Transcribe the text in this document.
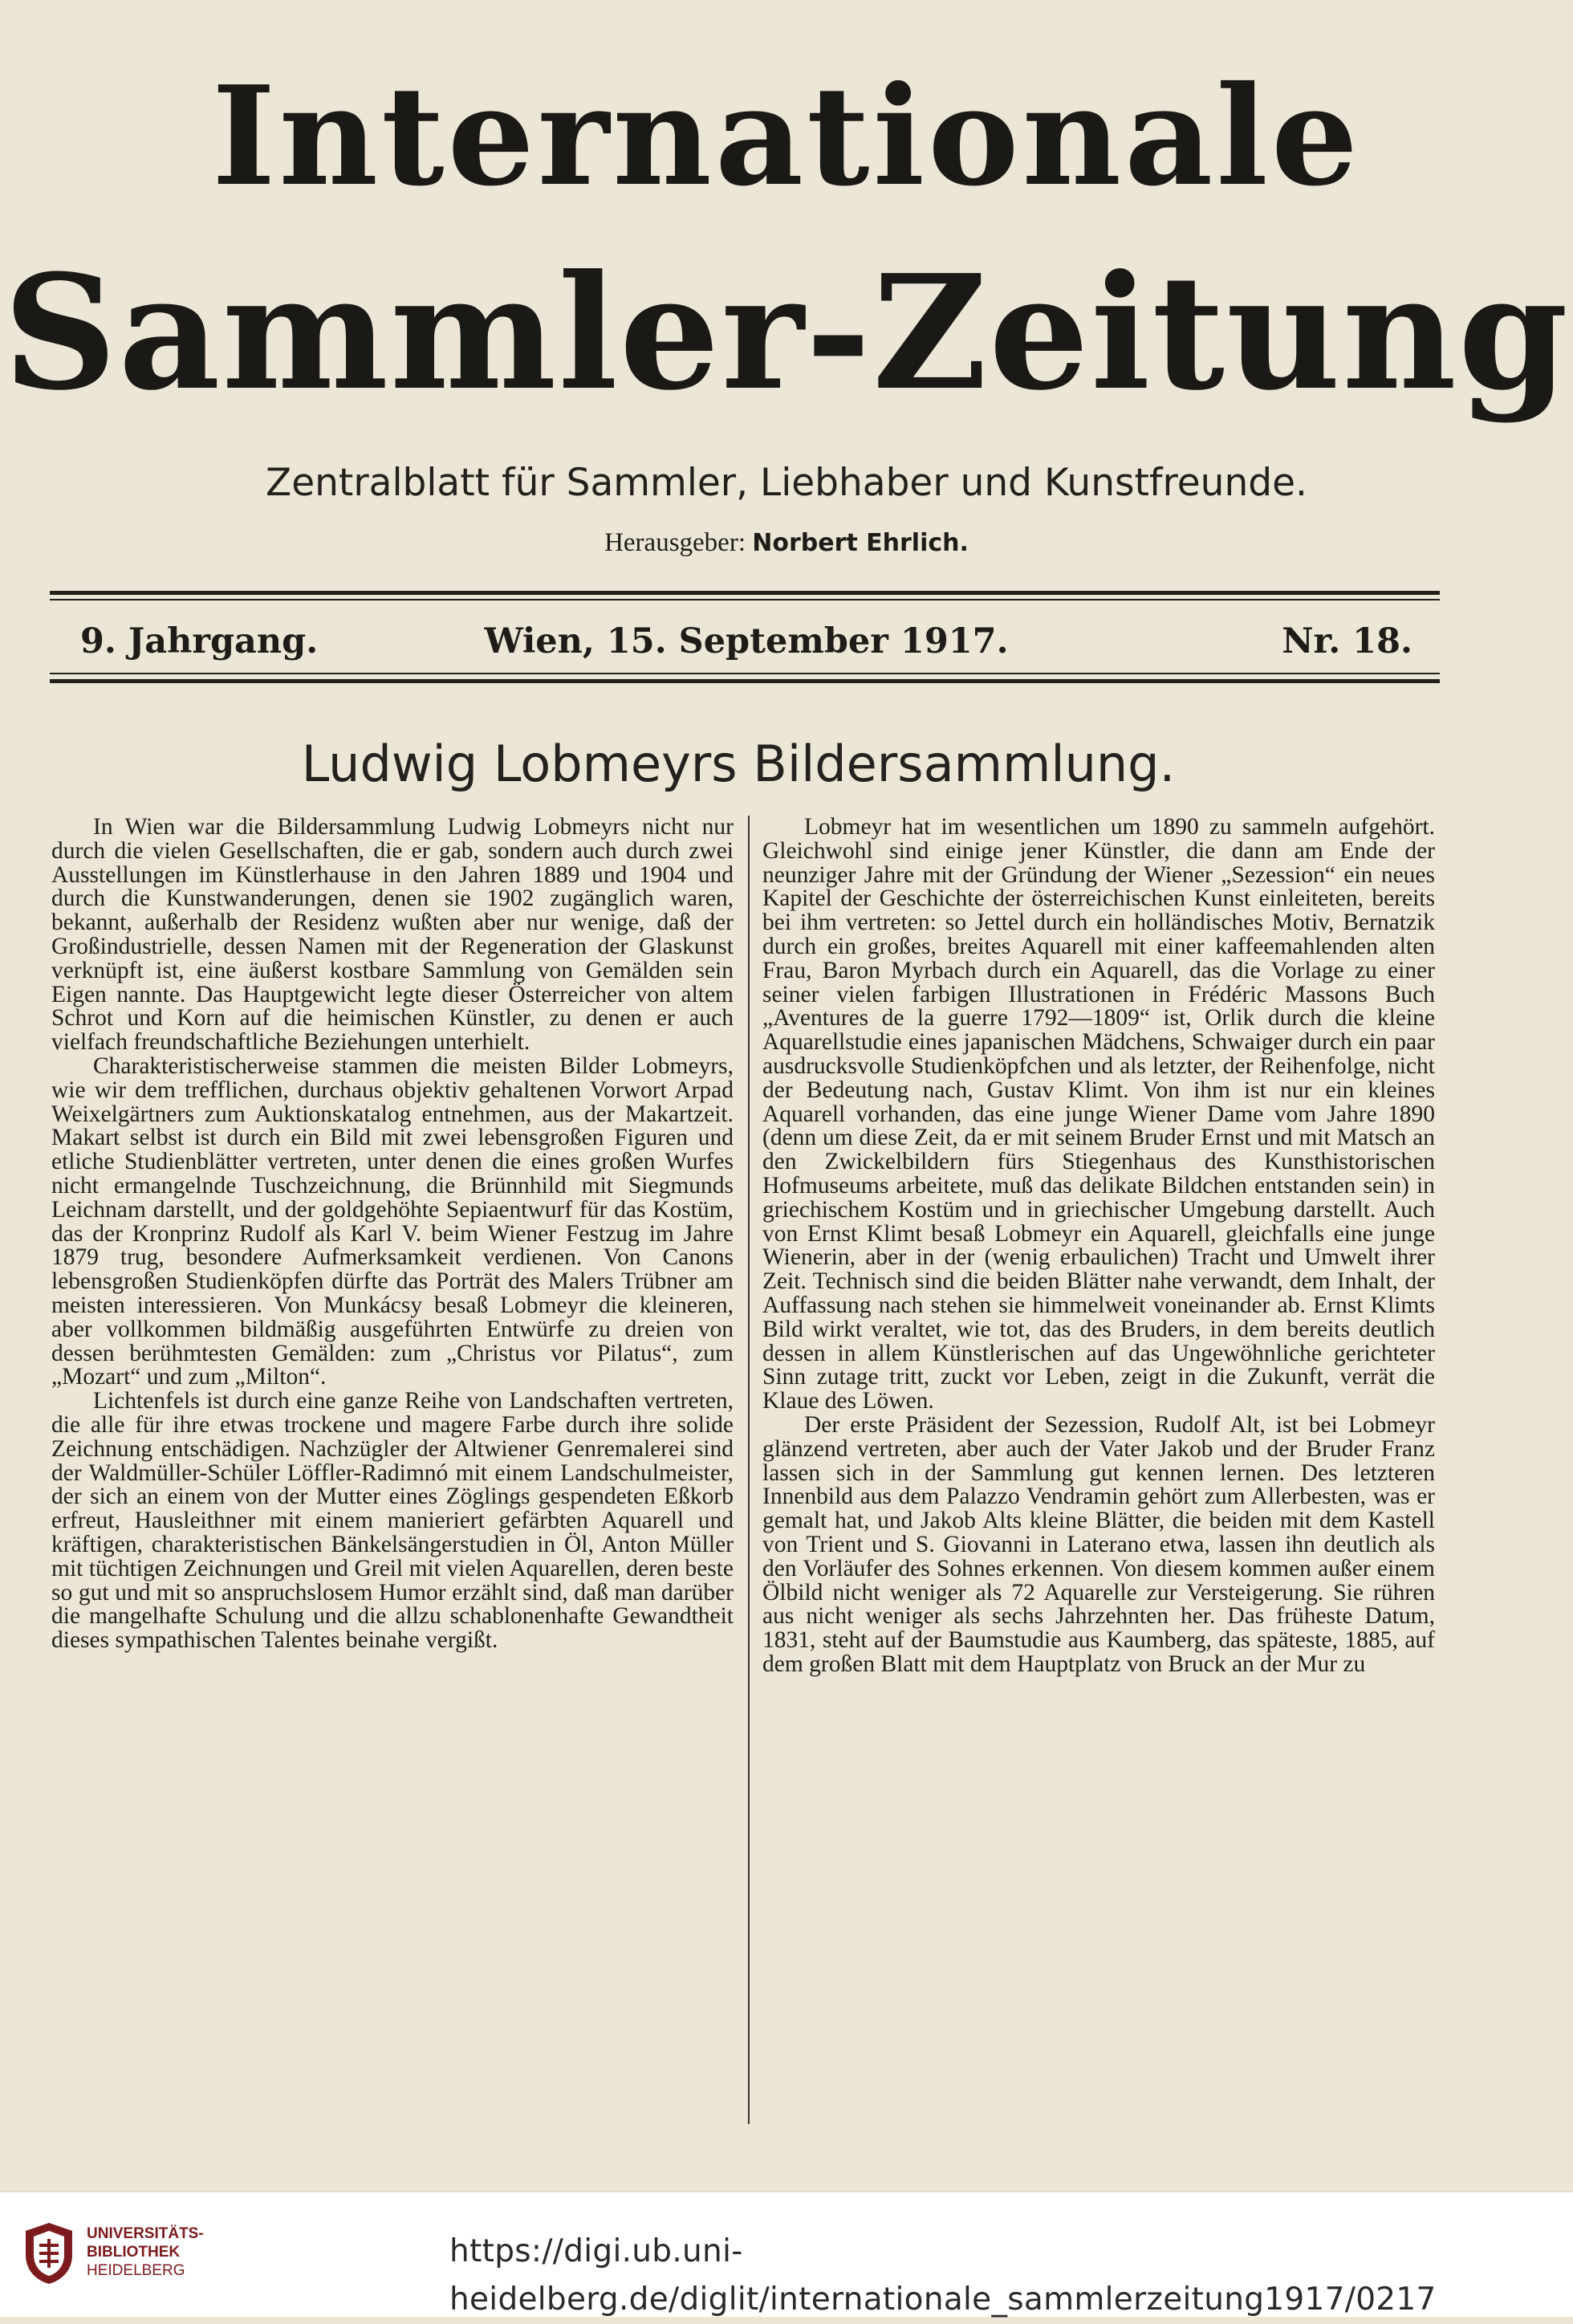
Internationale
Sammler-Zeitung
Zentralblatt für Sammler, Liebhaber und Kunstfreunde.
Herausgeber: Norbert Ehrlich.
9. Jahrgang.	Wien, 15. September 1917.	Nr. 18.
Ludwig Lobmeyrs Bildersammlung.

In Wien war die Bildersammlung Ludwig Lobmeyrs nicht nur durch die vielen Gesellschaften, die er gab, sondern auch durch zwei Ausstellungen im Künstlerhause in den Jahren 1889 und 1904 und durch die Kunstwanderungen, denen sie 1902 zugänglich waren, bekannt, außerhalb der Residenz wußten aber nur wenige, daß der Großindustrielle, dessen Namen mit der Regeneration der Glaskunst verknüpft ist, eine äußerst kostbare Sammlung von Gemälden sein Eigen nannte. Das Hauptgewicht legte dieser Österreicher von altem Schrot und Korn auf die heimischen Künstler, zu denen er auch vielfach freundschaftliche Beziehungen unterhielt.

Charakteristischerweise stammen die meisten Bilder Lobmeyrs, wie wir dem trefflichen, durchaus objektiv gehaltenen Vorwort Arpad Weixelgärtners zum Auktionskatalog entnehmen, aus der Makartzeit. Makart selbst ist durch ein Bild mit zwei lebensgroßen Figuren und etliche Studienblätter vertreten, unter denen die eines großen Wurfes nicht ermangelnde Tuschzeichnung, die Brünnhild mit Siegmunds Leichnam darstellt, und der goldgehöhte Sepiaentwurf für das Kostüm, das der Kronprinz Rudolf als Karl V. beim Wiener Festzug im Jahre 1879 trug, besondere Aufmerksamkeit verdienen. Von Canons lebensgroßen Studienköpfen dürfte das Porträt des Malers Trübner am meisten interessieren. Von Munkácsy besaß Lobmeyr die kleineren, aber vollkommen bildmäßig ausgeführten Entwürfe zu dreien von dessen berühmtesten Gemälden: zum „Christus vor Pilatus“, zum „Mozart“ und zum „Milton“.

Lichtenfels ist durch eine ganze Reihe von Landschaften vertreten, die alle für ihre etwas trockene und magere Farbe durch ihre solide Zeichnung entschädigen. Nachzügler der Altwiener Genremalerei sind der Waldmüller-Schüler Löffler-Radimnó mit einem Landschulmeister, der sich an einem von der Mutter eines Zöglings gespendeten Eßkorb erfreut, Hausleithner mit einem manieriert gefärbten Aquarell und kräftigen, charakteristischen Bänkelsängerstudien in Öl, Anton Müller mit tüchtigen Zeichnungen und Greil mit vielen Aquarellen, deren beste so gut und mit so anspruchslosem Humor erzählt sind, daß man darüber die mangelhafte Schulung und die allzu schablonenhafte Gewandtheit dieses sympathischen Talentes beinahe vergißt.

Lobmeyr hat im wesentlichen um 1890 zu sammeln aufgehört. Gleichwohl sind einige jener Künstler, die dann am Ende der neunziger Jahre mit der Gründung der Wiener „Sezession“ ein neues Kapitel der Geschichte der österreichischen Kunst einleiteten, bereits bei ihm vertreten: so Jettel durch ein holländisches Motiv, Bernatzik durch ein großes, breites Aquarell mit einer kaffeemahlenden alten Frau, Baron Myrbach durch ein Aquarell, das die Vorlage zu einer seiner vielen farbigen Illustrationen in Frédéric Massons Buch „Aventures de la guerre 1792—1809“ ist, Orlik durch die kleine Aquarellstudie eines japanischen Mädchens, Schwaiger durch ein paar ausdrucksvolle Studienköpfchen und als letzter, der Reihenfolge, nicht der Bedeutung nach, Gustav Klimt. Von ihm ist nur ein kleines Aquarell vorhanden, das eine junge Wiener Dame vom Jahre 1890 (denn um diese Zeit, da er mit seinem Bruder Ernst und mit Matsch an den Zwickelbildern fürs Stiegenhaus des Kunsthistorischen Hofmuseums arbeitete, muß das delikate Bildchen entstanden sein) in griechischem Kostüm und in griechischer Umgebung darstellt. Auch von Ernst Klimt besaß Lobmeyr ein Aquarell, gleichfalls eine junge Wienerin, aber in der (wenig erbaulichen) Tracht und Umwelt ihrer Zeit. Technisch sind die beiden Blätter nahe verwandt, dem Inhalt, der Auffassung nach stehen sie himmelweit voneinander ab. Ernst Klimts Bild wirkt veraltet, wie tot, das des Bruders, in dem bereits deutlich dessen in allem Künstlerischen auf das Ungewöhnliche gerichteter Sinn zutage tritt, zuckt vor Leben, zeigt in die Zukunft, verrät die Klaue des Löwen.

Der erste Präsident der Sezession, Rudolf Alt, ist bei Lobmeyr glänzend vertreten, aber auch der Vater Jakob und der Bruder Franz lassen sich in der Sammlung gut kennen lernen. Des letzteren Innenbild aus dem Palazzo Vendramin gehört zum Allerbesten, was er gemalt hat, und Jakob Alts kleine Blätter, die beiden mit dem Kastell von Trient und S. Giovanni in Laterano etwa, lassen ihn deutlich als den Vorläufer des Sohnes erkennen. Von diesem kommen außer einem Ölbild nicht weniger als 72 Aquarelle zur Versteigerung. Sie rühren aus nicht weniger als sechs Jahrzehnten her. Das früheste Datum, 1831, steht auf der Baumstudie aus Kaumberg, das späteste, 1885, auf dem großen Blatt mit dem Hauptplatz von Bruck an der Mur zu

UNIVERSITÄTS-
BIBLIOTHEK
HEIDELBERG
https://digi.ub.uni-heidelberg.de/diglit/internationale_sammlerzeitung1917/0217
